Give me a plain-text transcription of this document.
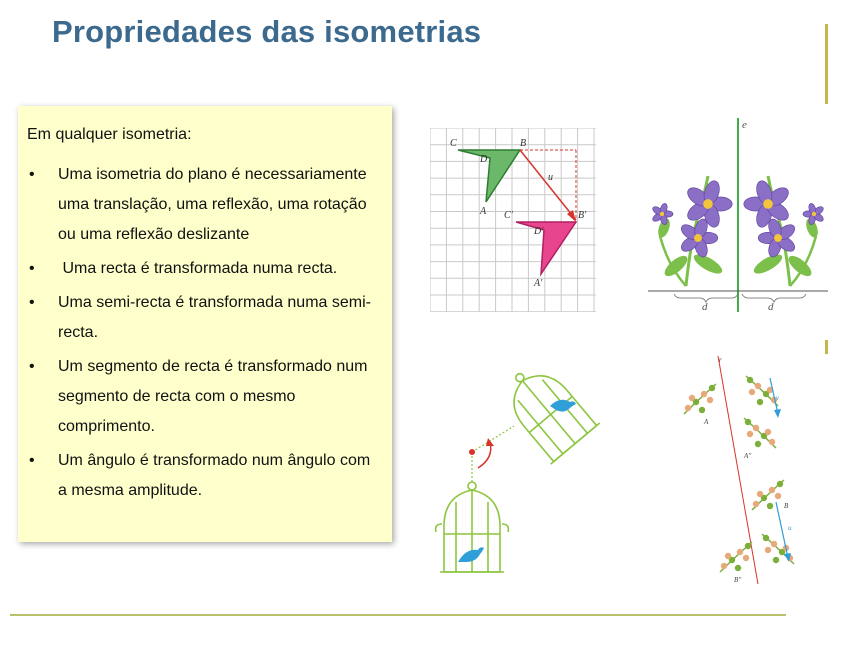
Propriedades das isometrias
Em qualquer isometria:
• Uma isometria do plano é necessariamente uma translação, uma reflexão, uma rotação ou uma reflexão deslizante
• Uma recta é transformada numa recta.
• Uma semi-recta é transformada numa semi-recta.
• Um segmento de recta é transformado num segmento de recta com o mesmo comprimento.
• Um ângulo é transformado num ângulo com a mesma amplitude.
C	B
D
A C'	B'
D'
A'
u
e
d	d
r
A
A''
B
B''
v
u
